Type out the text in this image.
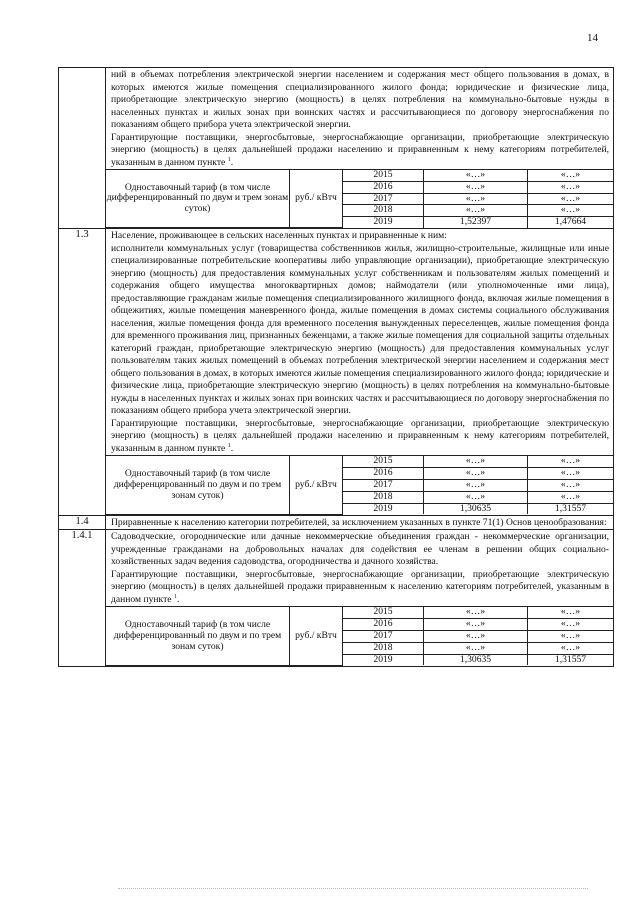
14

ний в объемах потребления электрической энергии населением и содержания мест общего пользования в домах, в которых имеются жилые помещения специализированного жилого фонда; юридические и физические лица, приобретающие электрическую энергию (мощность) в целях потребления на коммунально-бытовые нужды в населенных пунктах и жилых зонах при воинских частях и рассчитывающиеся по договору энергоснабжения по показаниям общего прибора учета электрической энергии.

Гарантирующие поставщики, энергосбытовые, энергоснабжающие организации, приобретающие электрическую энергию (мощность) в целях дальнейшей продажи населению и приравненным к нему категориям потребителей, указанным в данном пункте $^1$.

Одноставочный тариф (в том числе дифференцированный по двум и трем зонам суток)	руб./ кВтч	2015	«…»	«…»
2016	«…»	«…»
2017	«…»	«…»
2018	«…»	«…»
2019	1,52397	1,47664

1.3	Население, проживающее в сельских населенных пунктах и приравненные к ним:

исполнители коммунальных услуг (товарищества собственников жилья, жилищно-строительные, жилищные или иные специализированные потребительские кооперативы либо управляющие организации), приобретающие электрическую энергию (мощность) для предоставления коммунальных услуг собственникам и пользователям жилых помещений и содержания общего имущества многоквартирных домов; наймодатели (или уполномоченные ими лица), предоставляющие гражданам жилые помещения специализированного жилищного фонда, включая жилые помещения в общежитиях, жилые помещения маневренного фонда, жилые помещения в домах системы социального обслуживания населения, жилые помещения фонда для временного поселения вынужденных переселенцев, жилые помещения фонда для временного проживания лиц, признанных беженцами, а также жилые помещения для социальной защиты отдельных категорий граждан, приобретающие электрическую энергию (мощность) для предоставления коммунальных услуг пользователям таких жилых помещений в объемах потребления электрической энергии населением и содержания мест общего пользования в домах, в которых имеются жилые помещения специализированного жилого фонда; юридические и физические лица, приобретающие электрическую энергию (мощность) в целях потребления на коммунально-бытовые нужды в населенных пунктах и жилых зонах при воинских частях и рассчитывающиеся по договору энергоснабжения по показаниям общего прибора учета электрической энергии.

Гарантирующие поставщики, энергосбытовые, энергоснабжающие организации, приобретающие электрическую энергию (мощность) в целях дальнейшей продажи населению и приравненным к нему категориям потребителей, указанным в данном пункте $^1$.

Одноставочный тариф (в том числе дифференцированный по двум и по трем зонам суток)	руб./ кВтч	2015	«…»	«…»
2016	«…»	«…»
2017	«…»	«…»
2018	«…»	«…»
2019	1,30635	1,31557

1.4	Приравненные к населению категории потребителей, за исключением указанных в пункте 71(1) Основ ценообразования:

1.4.1	Садоводческие, огороднические или дачные некоммерческие объединения граждан - некоммерческие организации, учрежденные гражданами на добровольных началах для содействия ее членам в решении общих социально-хозяйственных задач ведения садоводства, огородничества и дачного хозяйства.

Гарантирующие поставщики, энергосбытовые, энергоснабжающие организации, приобретающие электрическую энергию (мощность) в целях дальнейшей продажи приравненным к населению категориям потребителей, указанным в данном пункте $^1$.

Одноставочный тариф (в том числе дифференцированный по двум и по трем зонам суток)	руб./ кВтч	2015	«…»	«…»
2016	«…»	«…»
2017	«…»	«…»
2018	«…»	«…»
2019	1,30635	1,31557
